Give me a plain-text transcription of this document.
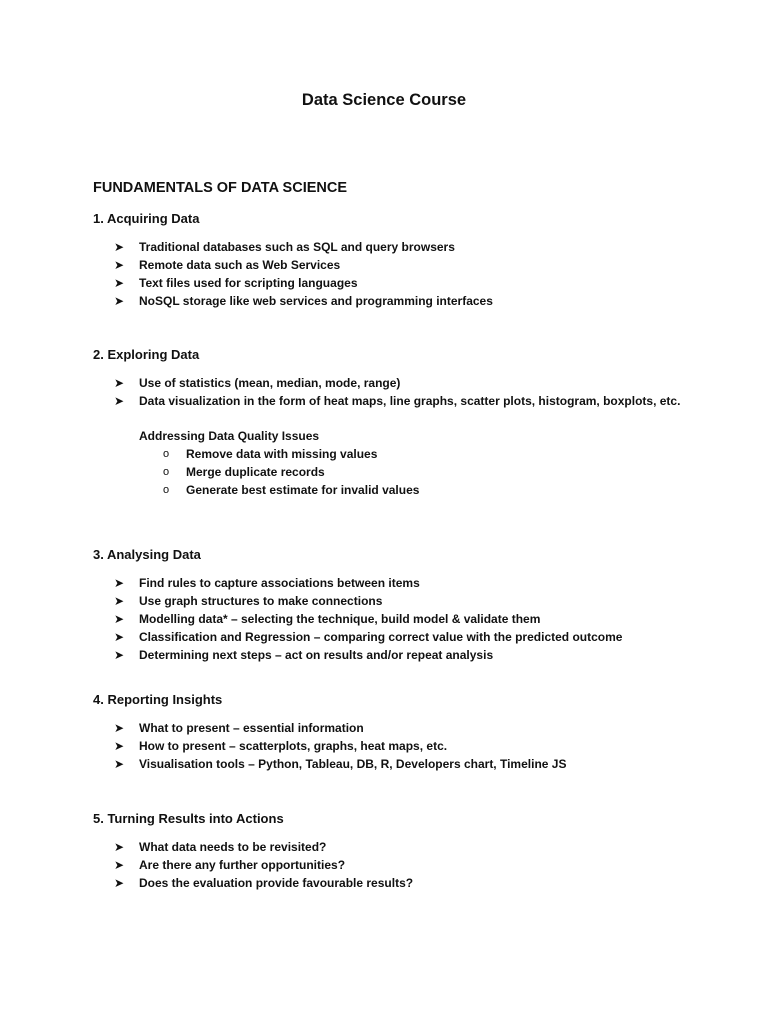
Data Science Course
FUNDAMENTALS OF DATA SCIENCE
1. Acquiring Data
➤ Traditional databases such as SQL and query browsers
➤ Remote data such as Web Services
➤ Text files used for scripting languages
➤ NoSQL storage like web services and programming interfaces
2. Exploring Data
➤ Use of statistics (mean, median, mode, range)
➤ Data visualization in the form of heat maps, line graphs, scatter plots, histogram, boxplots, etc.
Addressing Data Quality Issues
o Remove data with missing values
o Merge duplicate records
o Generate best estimate for invalid values
3. Analysing Data
➤ Find rules to capture associations between items
➤ Use graph structures to make connections
➤ Modelling data* – selecting the technique, build model & validate them
➤ Classification and Regression – comparing correct value with the predicted outcome
➤ Determining next steps – act on results and/or repeat analysis
4. Reporting Insights
➤ What to present – essential information
➤ How to present – scatterplots, graphs, heat maps, etc.
➤ Visualisation tools – Python, Tableau, DB, R, Developers chart, Timeline JS
5. Turning Results into Actions
➤ What data needs to be revisited?
➤ Are there any further opportunities?
➤ Does the evaluation provide favourable results?
